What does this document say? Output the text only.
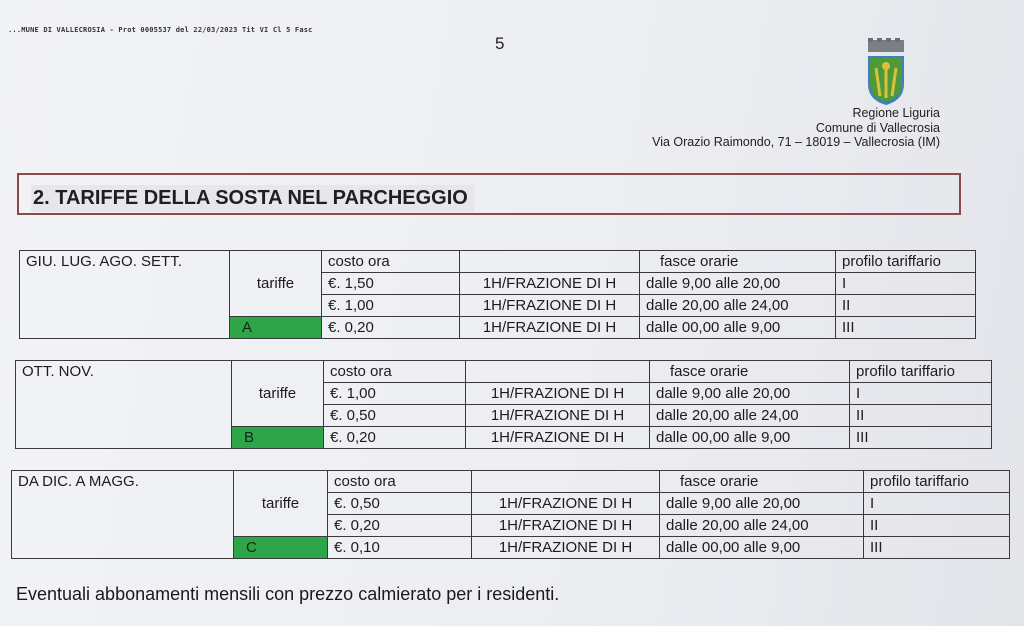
...MUNE DI VALLECROSIA - Prot 0005537 del 22/03/2023 Tit VI Cl 5 Fasc
5
Regione Liguria
Comune di Vallecrosia
Via Orazio Raimondo, 71 – 18019 – Vallecrosia (IM)
2. TARIFFE DELLA SOSTA NEL PARCHEGGIO
GIU. LUG. AGO. SETT.		costo ora		fasce orarie	profilo tariffario
	tariffe	€. 1,50	1H/FRAZIONE DI H	dalle 9,00 alle 20,00	I
		€. 1,00	1H/FRAZIONE DI H	dalle 20,00 alle 24,00	II
	A	€. 0,20	1H/FRAZIONE DI H	dalle 00,00 alle 9,00	III
OTT. NOV.		costo ora		fasce orarie	profilo tariffario
	tariffe	€. 1,00	1H/FRAZIONE DI H	dalle 9,00 alle 20,00	I
		€. 0,50	1H/FRAZIONE DI H	dalle 20,00 alle 24,00	II
	B	€. 0,20	1H/FRAZIONE DI H	dalle 00,00 alle 9,00	III
DA DIC. A MAGG.		costo ora		fasce orarie	profilo tariffario
	tariffe	€. 0,50	1H/FRAZIONE DI H	dalle 9,00 alle 20,00	I
		€. 0,20	1H/FRAZIONE DI H	dalle 20,00 alle 24,00	II
	C	€. 0,10	1H/FRAZIONE DI H	dalle 00,00 alle 9,00	III
Eventuali abbonamenti mensili con prezzo calmierato per i residenti.
